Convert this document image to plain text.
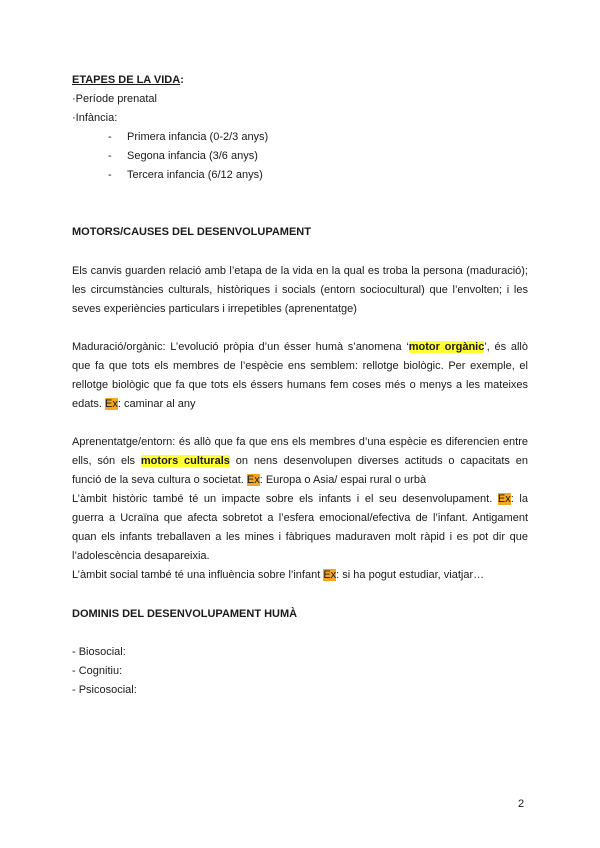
ETAPES DE LA VIDA:
·Període prenatal
·Infància:
- Primera infancia (0-2/3 anys)
- Segona infancia (3/6 anys)
- Tercera infancia (6/12 anys)
MOTORS/CAUSES DEL DESENVOLUPAMENT
Els canvis guarden relació amb l’etapa de la vida en la qual es troba la persona (maduració);
les circumstàncies culturals, històriques i socials (entorn sociocultural) que l’envolten; i les
seves experiències particulars i irrepetibles (aprenentatge)
Maduració/orgànic: L’evolució pròpia d’un ésser humà s’anomena ‘motor orgànic’, és allò
que fa que tots els membres de l’espècie ens semblem: rellotge biològic. Per exemple, el
rellotge biològic que fa que tots els éssers humans fem coses més o menys a les mateixes
edats. Ex: caminar al any
Aprenentatge/entorn: és allò que fa que ens els membres d’una espècie es diferencien entre
ells, són els motors culturals on nens desenvolupen diverses actituds o capacitats en
funció de la seva cultura o societat. Ex: Europa o Asia/ espai rural o urbà
L’àmbit històric també té un impacte sobre els infants i el seu desenvolupament. Ex: la
guerra a Ucraïna que afecta sobretot a l’esfera emocional/efectiva de l’infant. Antigament
quan els infants treballaven a les mines i fàbriques maduraven molt ràpid i es pot dir que
l’adolescència desapareixia.
L’àmbit social també té una influència sobre l’infant Ex: si ha pogut estudiar, viatjar…
DOMINIS DEL DESENVOLUPAMENT HUMÀ
- Biosocial:
- Cognitiu:
- Psicosocial:
2
